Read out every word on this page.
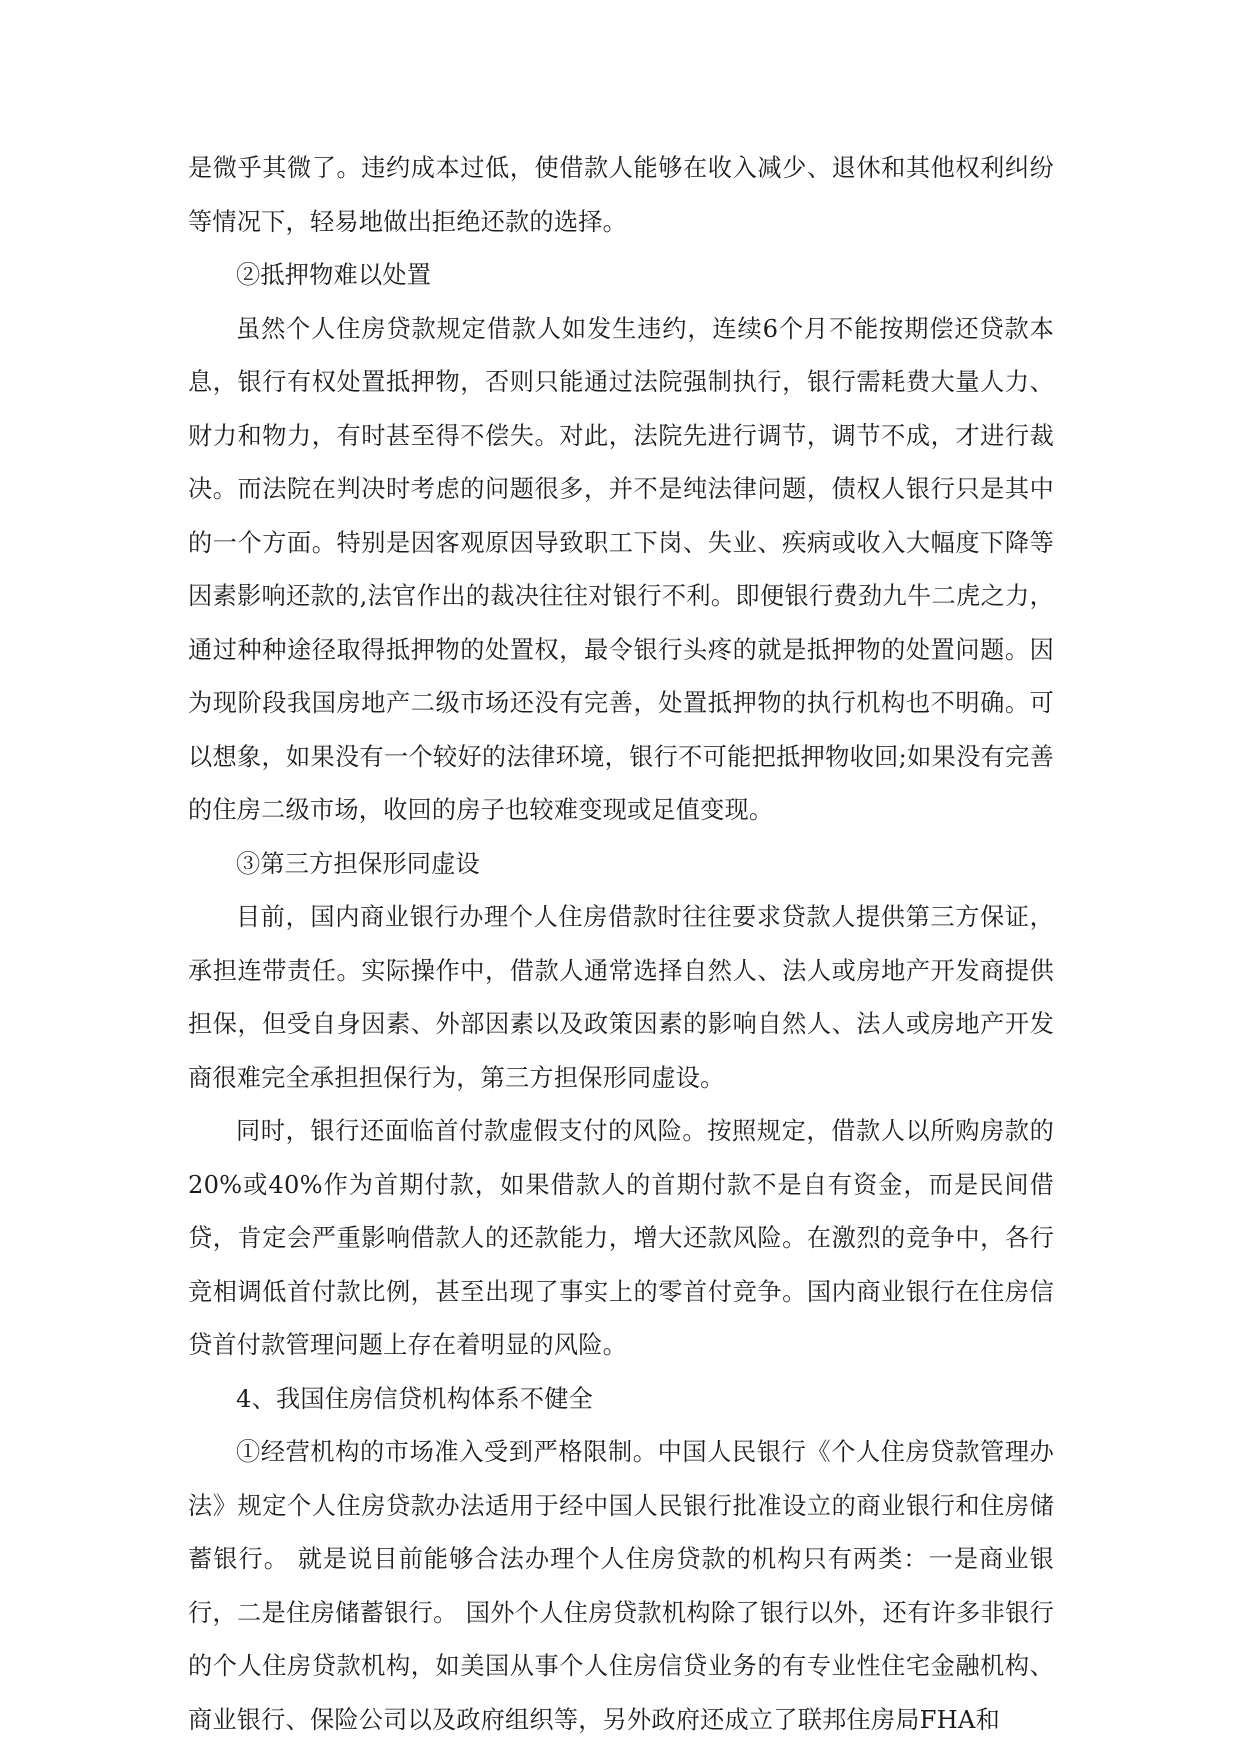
是微乎其微了。违约成本过低，使借款人能够在收入减少、退休和其他权利纠纷等情况下，轻易地做出拒绝还款的选择。

②抵押物难以处置

虽然个人住房贷款规定借款人如发生违约，连续6个月不能按期偿还贷款本息，银行有权处置抵押物，否则只能通过法院强制执行，银行需耗费大量人力、财力和物力，有时甚至得不偿失。对此，法院先进行调节，调节不成，才进行裁决。而法院在判决时考虑的问题很多，并不是纯法律问题，债权人银行只是其中的一个方面。特别是因客观原因导致职工下岗、失业、疾病或收入大幅度下降等因素影响还款的,法官作出的裁决往往对银行不利。即便银行费劲九牛二虎之力，通过种种途径取得抵押物的处置权，最令银行头疼的就是抵押物的处置问题。因为现阶段我国房地产二级市场还没有完善，处置抵押物的执行机构也不明确。可以想象，如果没有一个较好的法律环境，银行不可能把抵押物收回;如果没有完善的住房二级市场，收回的房子也较难变现或足值变现。

③第三方担保形同虚设

目前，国内商业银行办理个人住房借款时往往要求贷款人提供第三方保证，承担连带责任。实际操作中，借款人通常选择自然人、法人或房地产开发商提供担保，但受自身因素、外部因素以及政策因素的影响自然人、法人或房地产开发商很难完全承担担保行为，第三方担保形同虚设。

同时，银行还面临首付款虚假支付的风险。按照规定，借款人以所购房款的20%或40%作为首期付款，如果借款人的首期付款不是自有资金，而是民间借贷，肯定会严重影响借款人的还款能力，增大还款风险。在激烈的竞争中，各行竞相调低首付款比例，甚至出现了事实上的零首付竞争。国内商业银行在住房信贷首付款管理问题上存在着明显的风险。

4、我国住房信贷机构体系不健全

①经营机构的市场准入受到严格限制。中国人民银行《个人住房贷款管理办法》规定个人住房贷款办法适用于经中国人民银行批准设立的商业银行和住房储蓄银行。 就是说目前能够合法办理个人住房贷款的机构只有两类：一是商业银行，二是住房储蓄银行。 国外个人住房贷款机构除了银行以外，还有许多非银行的个人住房贷款机构，如美国从事个人住房信贷业务的有专业性住宅金融机构、商业银行、保险公司以及政府组织等，另外政府还成立了联邦住房局FHA和
